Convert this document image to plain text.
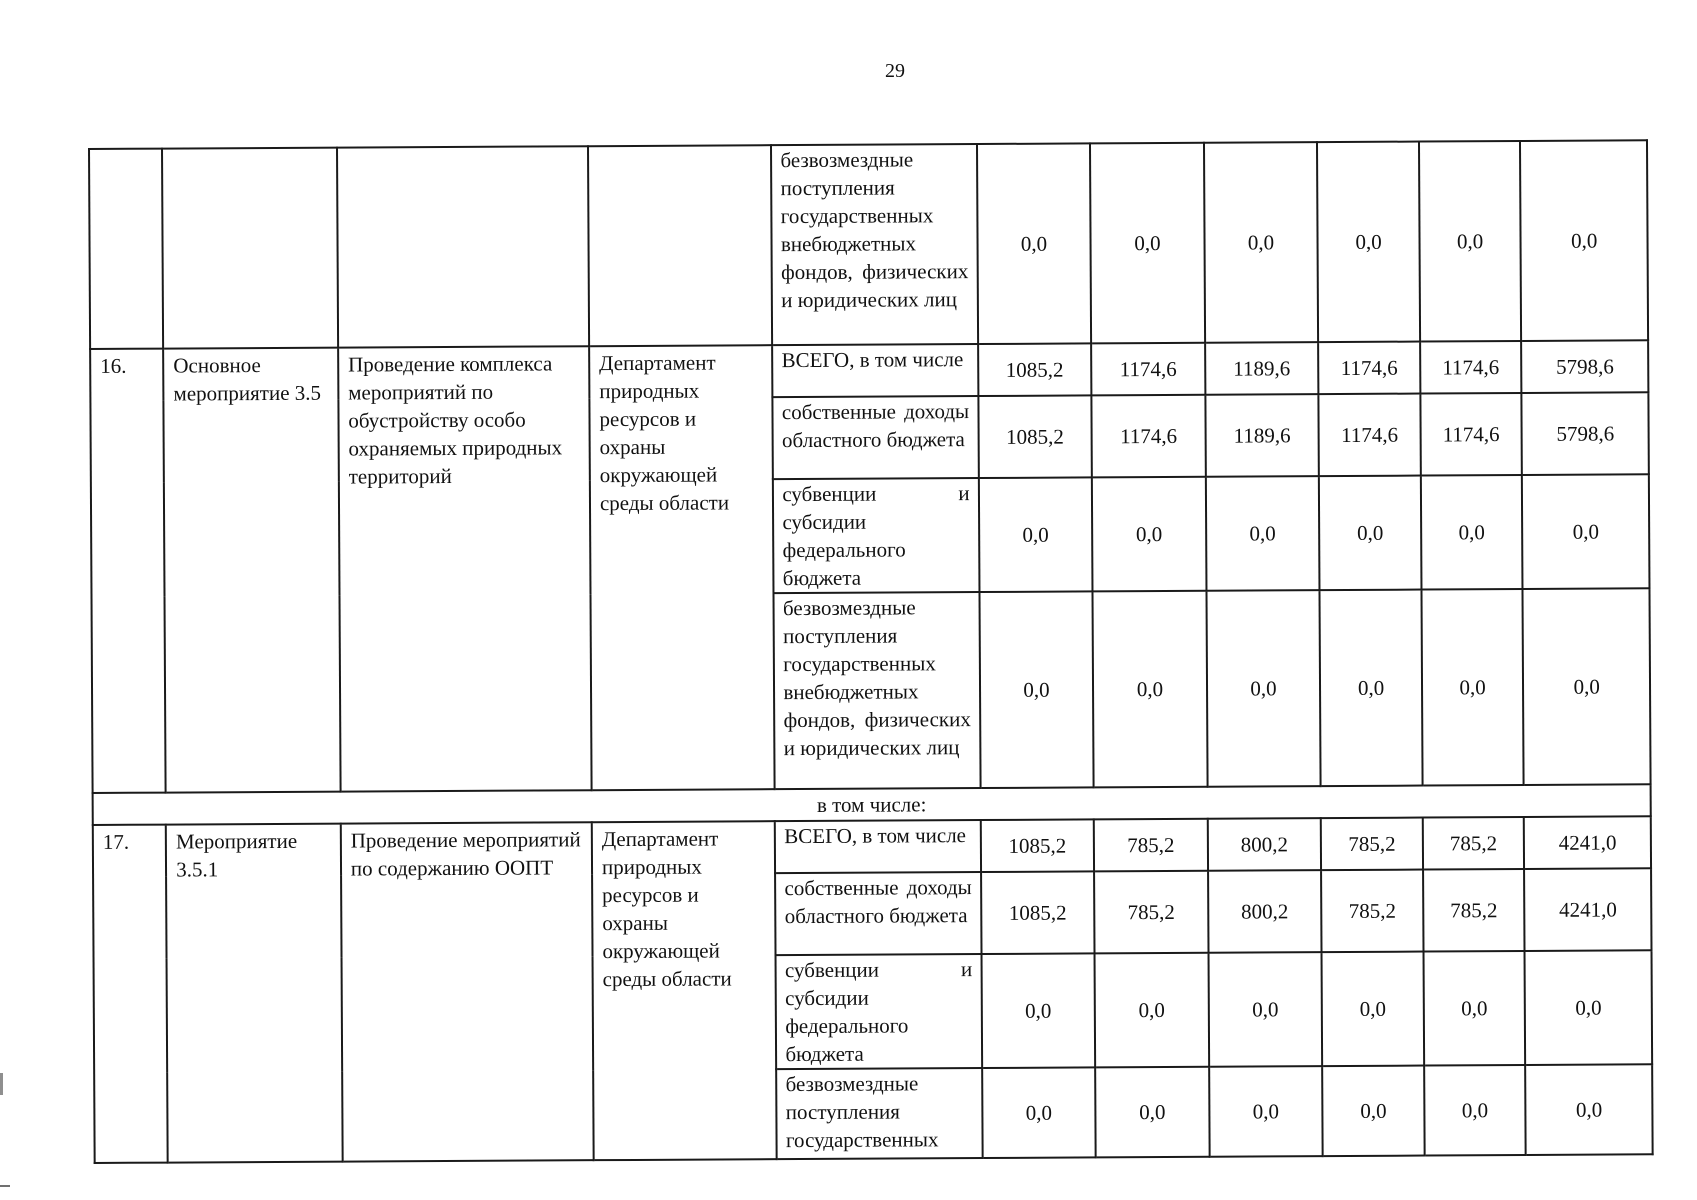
29
				безвозмездные поступления государственных внебюджетных фондов, физических и юридических лиц	0,0	0,0	0,0	0,0	0,0	0,0
16.	Основное мероприятие 3.5	Проведение комплекса мероприятий по обустройству особо охраняемых природных территорий	Департамент природных ресурсов и охраны окружающей среды области	ВСЕГО, в том числе	1085,2	1174,6	1189,6	1174,6	1174,6	5798,6
				собственные доходы областного бюджета	1085,2	1174,6	1189,6	1174,6	1174,6	5798,6
				субвенции и субсидии федерального бюджета	0,0	0,0	0,0	0,0	0,0	0,0
				безвозмездные поступления государственных внебюджетных фондов, физических и юридических лиц	0,0	0,0	0,0	0,0	0,0	0,0
в том числе:										
17.	Мероприятие 3.5.1	Проведение мероприятий по содержанию ООПТ	Департамент природных ресурсов и охраны окружающей среды области	ВСЕГО, в том числе	1085,2	785,2	800,2	785,2	785,2	4241,0
				собственные доходы областного бюджета	1085,2	785,2	800,2	785,2	785,2	4241,0
				субвенции и субсидии федерального бюджета	0,0	0,0	0,0	0,0	0,0	0,0
				безвозмездные поступления государственных	0,0	0,0	0,0	0,0	0,0	0,0
